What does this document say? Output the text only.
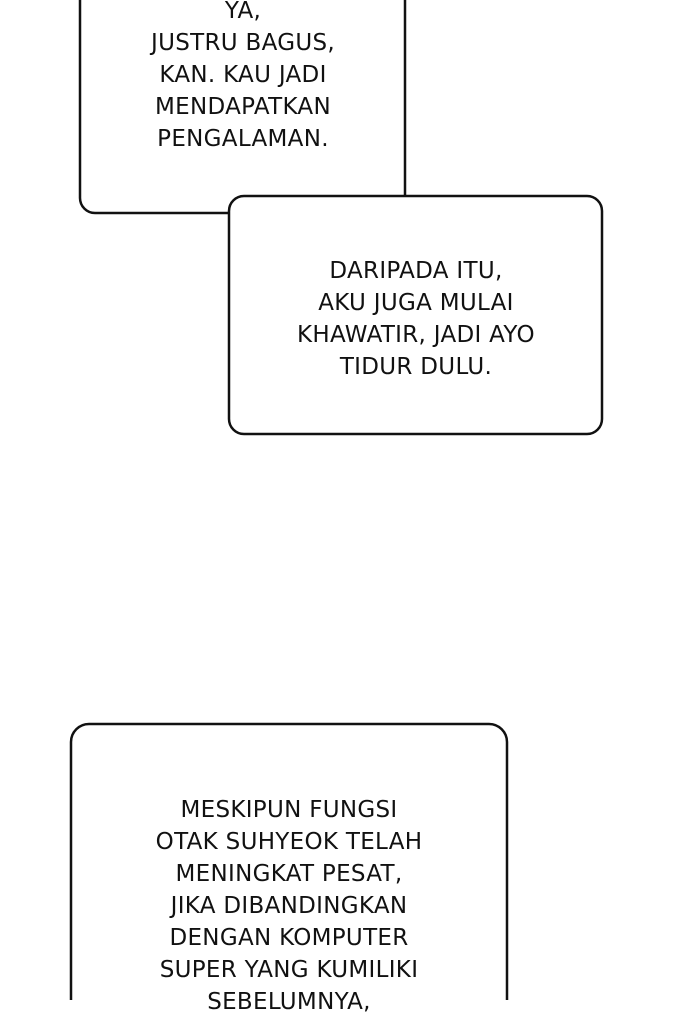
YA,
JUSTRU BAGUS,
KAN. KAU JADI
MENDAPATKAN
PENGALAMAN.
DARIPADA ITU,
AKU JUGA MULAI
KHAWATIR, JADI AYO
TIDUR DULU.
MESKIPUN FUNGSI
OTAK SUHYEOK TELAH
MENINGKAT PESAT,
JIKA DIBANDINGKAN
DENGAN KOMPUTER
SUPER YANG KUMILIKI
SEBELUMNYA,
